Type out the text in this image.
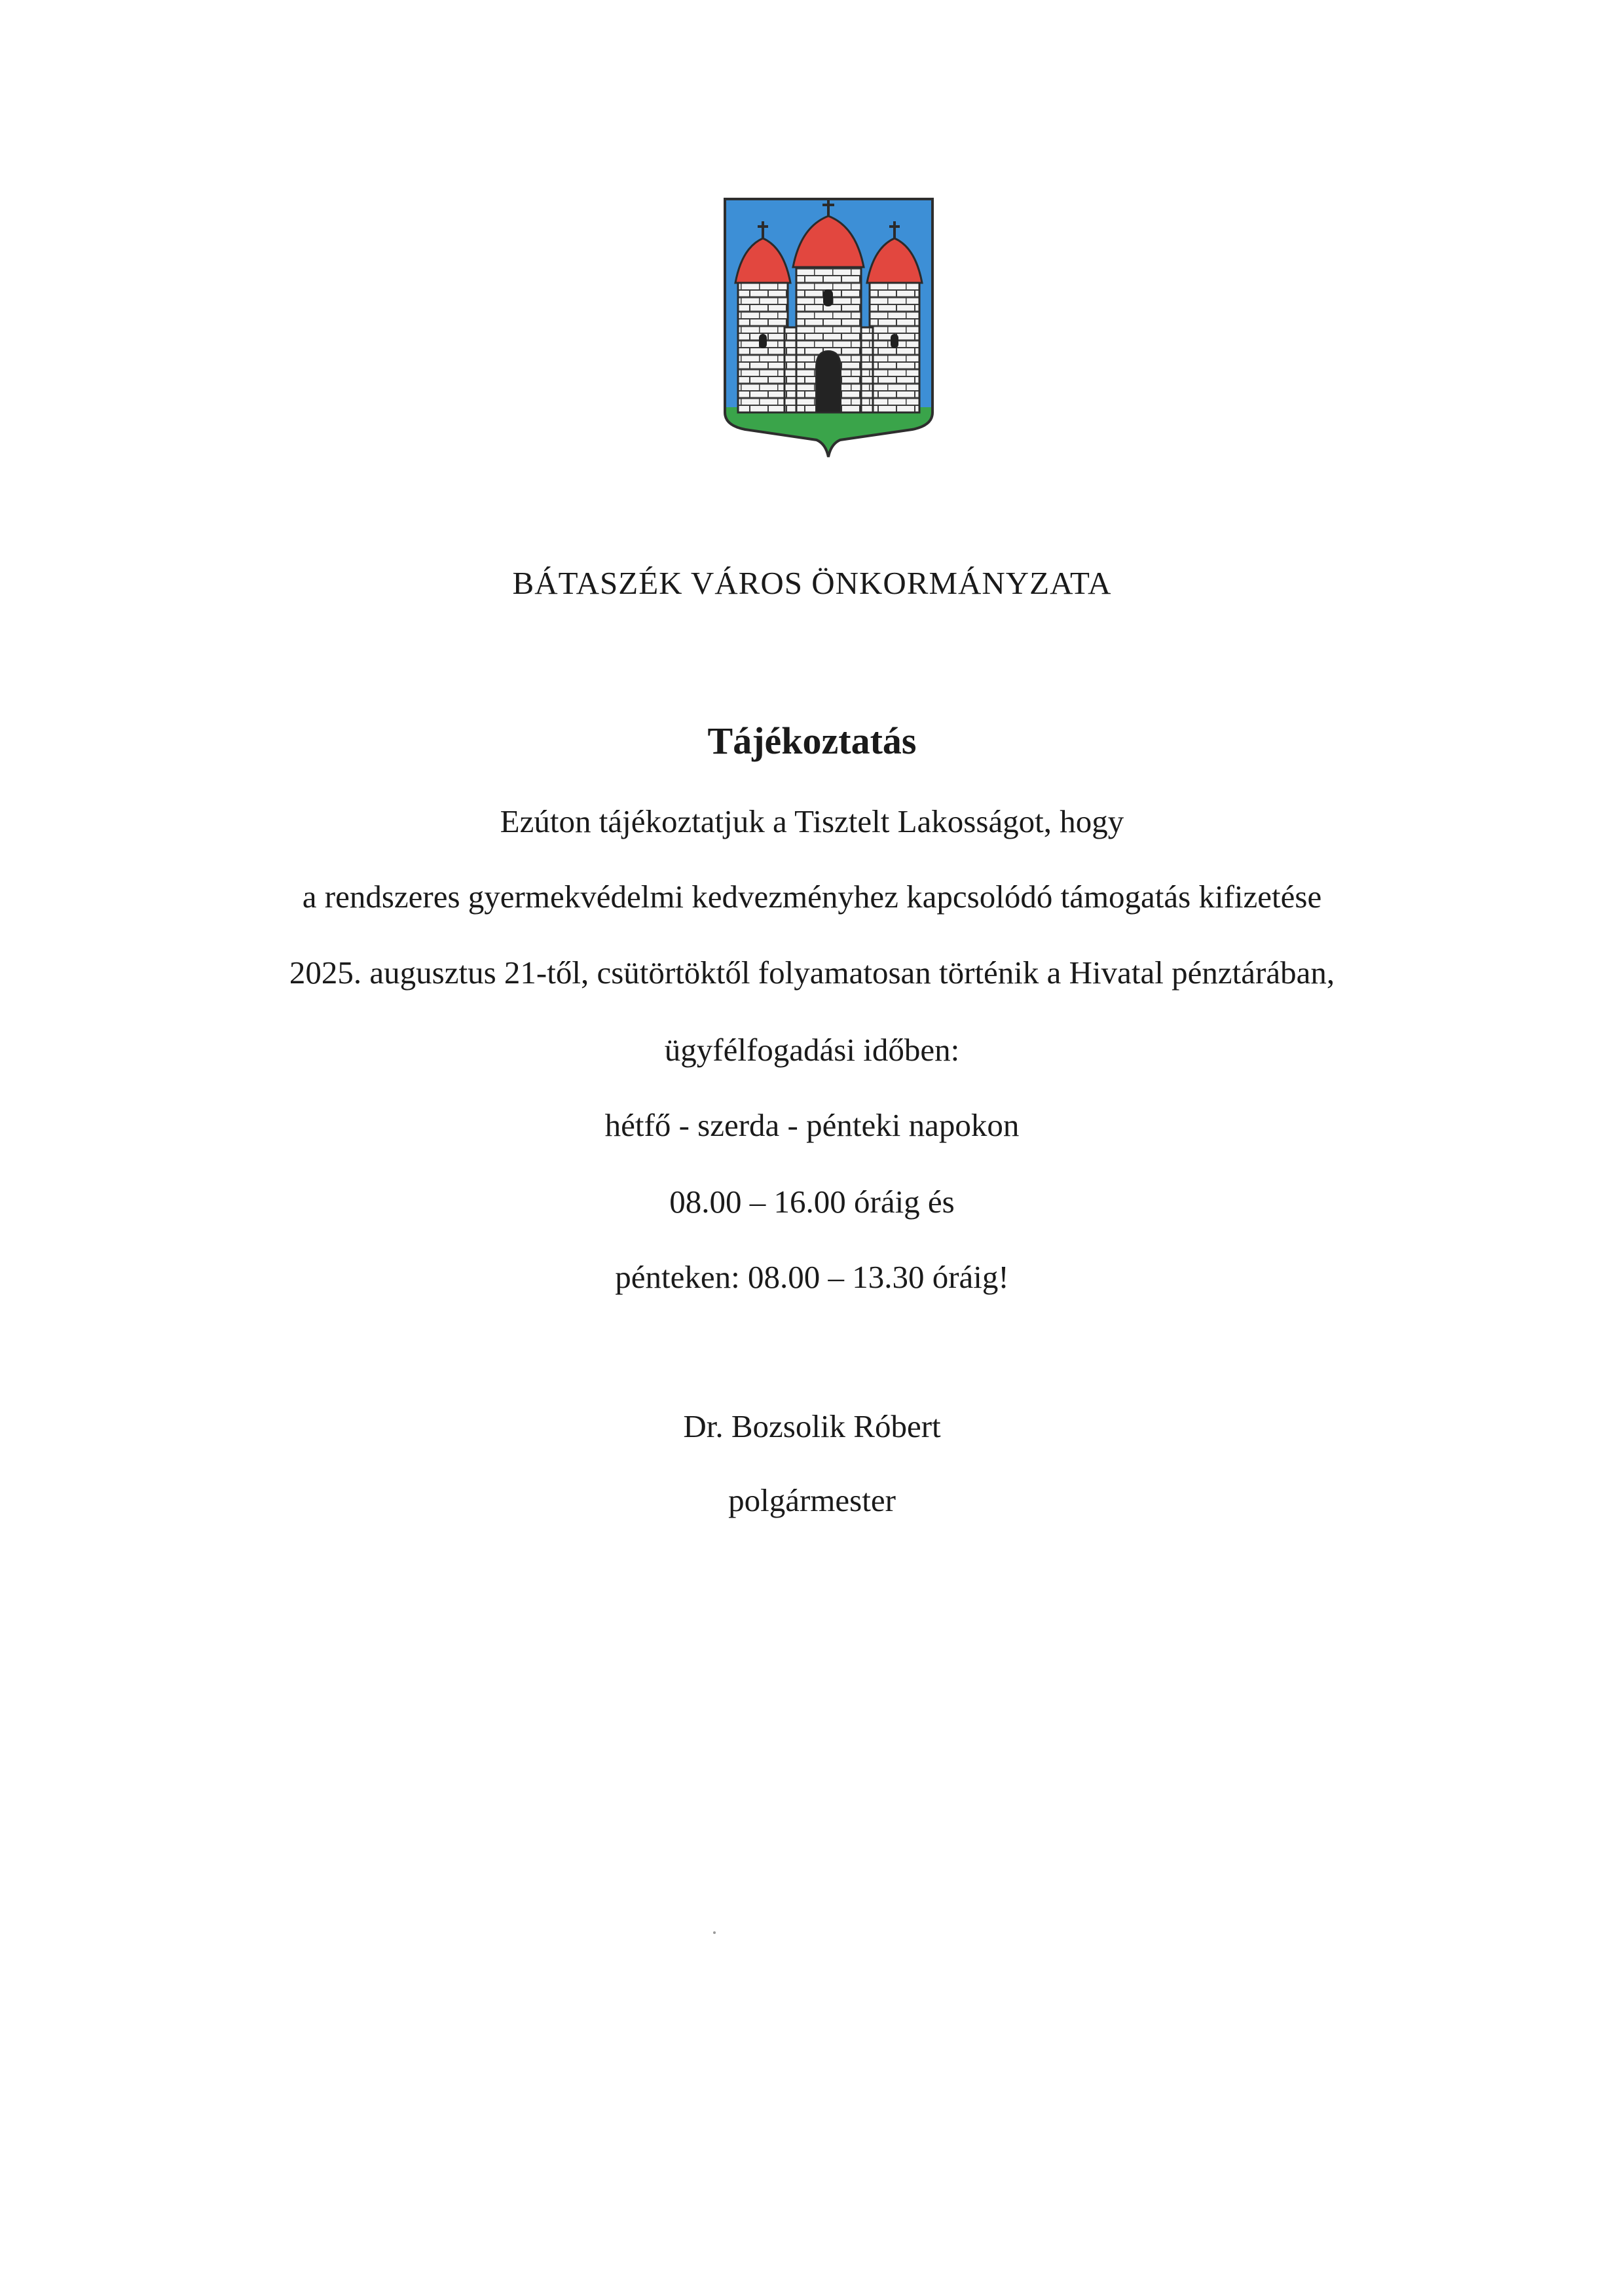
BÁTASZÉK VÁROS ÖNKORMÁNYZATA
Tájékoztatás
Ezúton tájékoztatjuk a Tisztelt Lakosságot, hogy
a rendszeres gyermekvédelmi kedvezményhez kapcsolódó támogatás kifizetése
2025. augusztus 21-től, csütörtöktől folyamatosan történik a Hivatal pénztárában,
ügyfélfogadási időben:
hétfő - szerda - pénteki napokon
08.00 – 16.00 óráig és
pénteken: 08.00 – 13.30 óráig!
Dr. Bozsolik Róbert
polgármester
